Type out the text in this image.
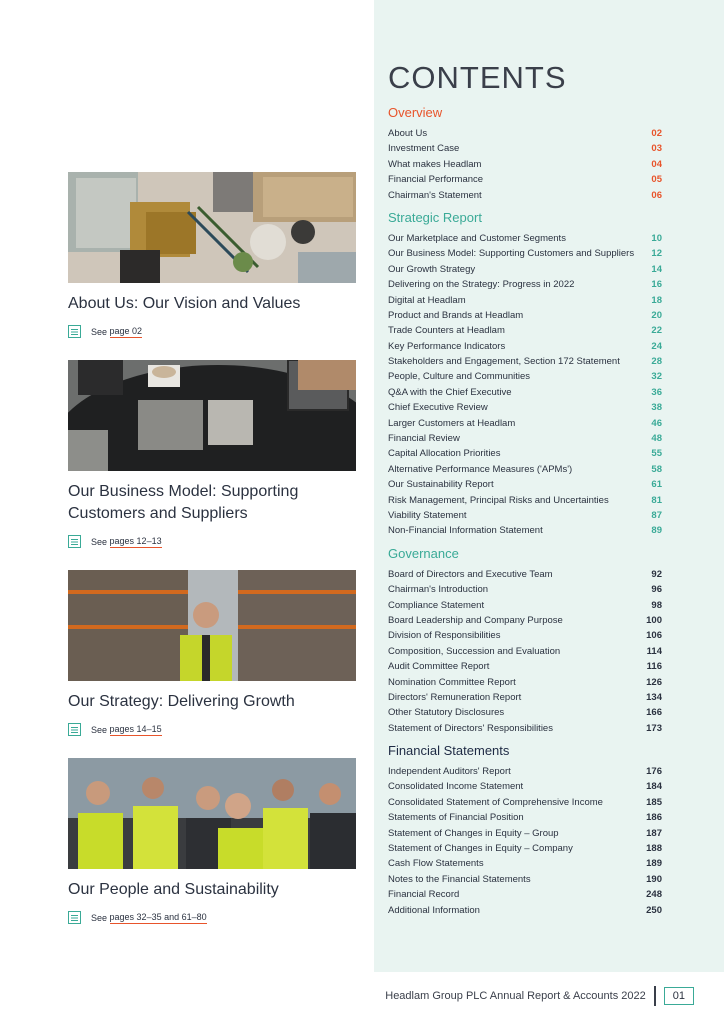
CONTENTS
Overview
About Us	02
Investment Case	03
What makes Headlam	04
Financial Performance	05
Chairman's Statement	06
Strategic Report
Our Marketplace and Customer Segments	10
Our Business Model: Supporting Customers and Suppliers	12
Our Growth Strategy	14
Delivering on the Strategy: Progress in 2022	16
Digital at Headlam	18
Product and Brands at Headlam	20
Trade Counters at Headlam	22
Key Performance Indicators	24
Stakeholders and Engagement, Section 172 Statement	28
People, Culture and Communities	32
Q&A with the Chief Executive	36
Chief Executive Review	38
Larger Customers at Headlam	46
Financial Review	48
Capital Allocation Priorities	55
Alternative Performance Measures ('APMs')	58
Our Sustainability Report	61
Risk Management, Principal Risks and Uncertainties	81
Viability Statement	87
Non-Financial Information Statement	89
Governance
Board of Directors and Executive Team	92
Chairman's Introduction	96
Compliance Statement	98
Board Leadership and Company Purpose	100
Division of Responsibilities	106
Composition, Succession and Evaluation	114
Audit Committee Report	116
Nomination Committee Report	126
Directors' Remuneration Report	134
Other Statutory Disclosures	166
Statement of Directors' Responsibilities	173
Financial Statements
Independent Auditors' Report	176
Consolidated Income Statement	184
Consolidated Statement of Comprehensive Income	185
Statements of Financial Position	186
Statement of Changes in Equity – Group	187
Statement of Changes in Equity – Company	188
Cash Flow Statements	189
Notes to the Financial Statements	190
Financial Record	248
Additional Information	250

About Us: Our Vision and Values

See
page 02

Our Business Model: Supporting Customers and Suppliers

See
pages 12–13

Our Strategy: Delivering Growth

See
pages 14–15

Our People and Sustainability

See
pages 32–35 and 61–80
Headlam Group PLC Annual Report & Accounts 2022	01
